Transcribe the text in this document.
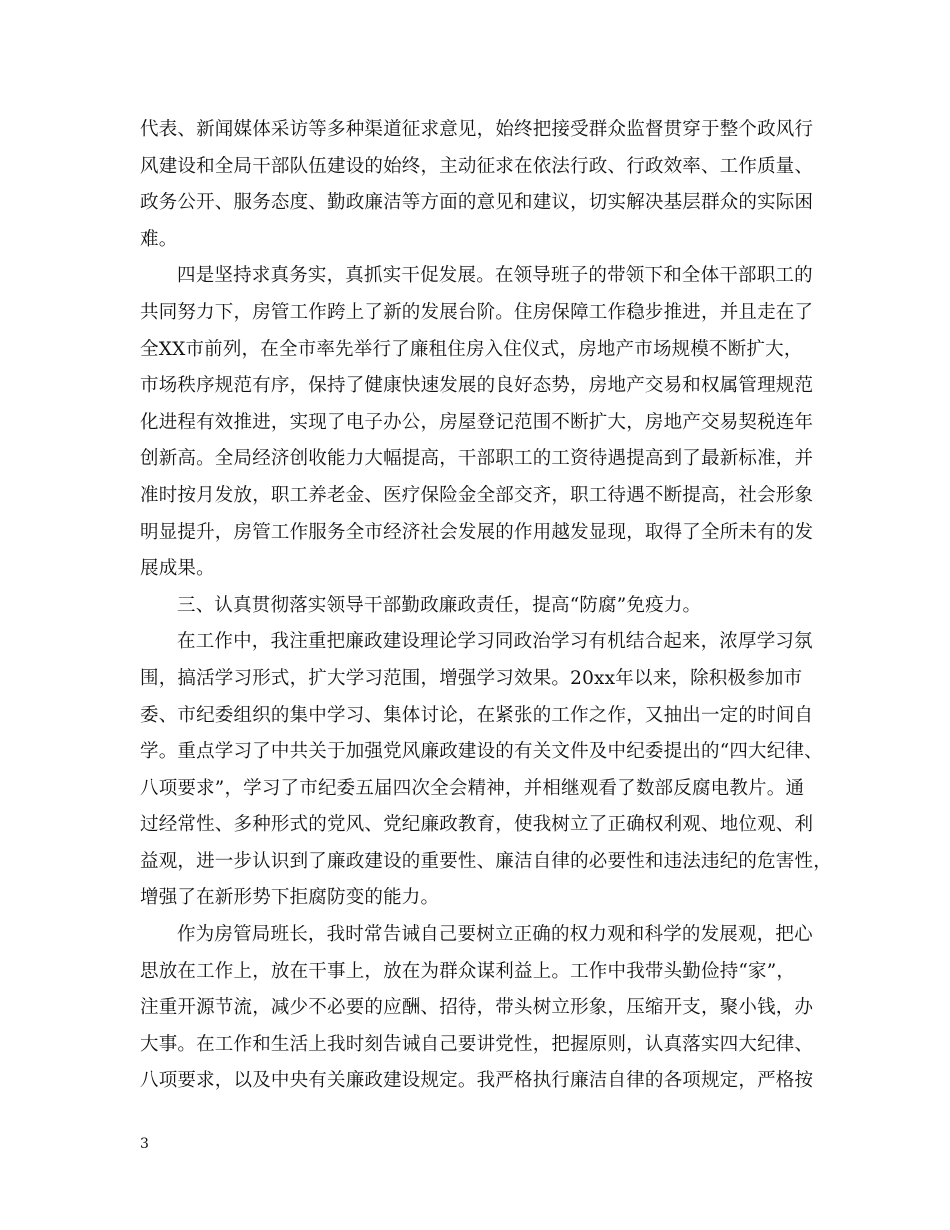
代表、新闻媒体采访等多种渠道征求意见，始终把接受群众监督贯穿于整个政风行
风建设和全局干部队伍建设的始终，主动征求在依法行政、行政效率、工作质量、
政务公开、服务态度、勤政廉洁等方面的意见和建议，切实解决基层群众的实际困
难。
四是坚持求真务实，真抓实干促发展。在领导班子的带领下和全体干部职工的
共同努力下，房管工作跨上了新的发展台阶。住房保障工作稳步推进，并且走在了
全XX市前列，在全市率先举行了廉租住房入住仪式，房地产市场规模不断扩大，
市场秩序规范有序，保持了健康快速发展的良好态势，房地产交易和权属管理规范
化进程有效推进，实现了电子办公，房屋登记范围不断扩大，房地产交易契税连年
创新高。全局经济创收能力大幅提高，干部职工的工资待遇提高到了最新标准，并
准时按月发放，职工养老金、医疗保险金全部交齐，职工待遇不断提高，社会形象
明显提升，房管工作服务全市经济社会发展的作用越发显现，取得了全所未有的发
展成果。
三、认真贯彻落实领导干部勤政廉政责任，提高“防腐”免疫力。
在工作中，我注重把廉政建设理论学习同政治学习有机结合起来，浓厚学习氛
围，搞活学习形式，扩大学习范围，增强学习效果。20xx年以来，除积极参加市
委、市纪委组织的集中学习、集体讨论，在紧张的工作之作，又抽出一定的时间自
学。重点学习了中共关于加强党风廉政建设的有关文件及中纪委提出的“四大纪律、
八项要求”，学习了市纪委五届四次全会精神，并相继观看了数部反腐电教片。通
过经常性、多种形式的党风、党纪廉政教育，使我树立了正确权利观、地位观、利
益观，进一步认识到了廉政建设的重要性、廉洁自律的必要性和违法违纪的危害性，
增强了在新形势下拒腐防变的能力。
作为房管局班长，我时常告诫自己要树立正确的权力观和科学的发展观，把心
思放在工作上，放在干事上，放在为群众谋利益上。工作中我带头勤俭持“家”，
注重开源节流，减少不必要的应酬、招待，带头树立形象，压缩开支，聚小钱，办
大事。在工作和生活上我时刻告诫自己要讲党性，把握原则，认真落实四大纪律、
八项要求，以及中央有关廉政建设规定。我严格执行廉洁自律的各项规定，严格按
3
